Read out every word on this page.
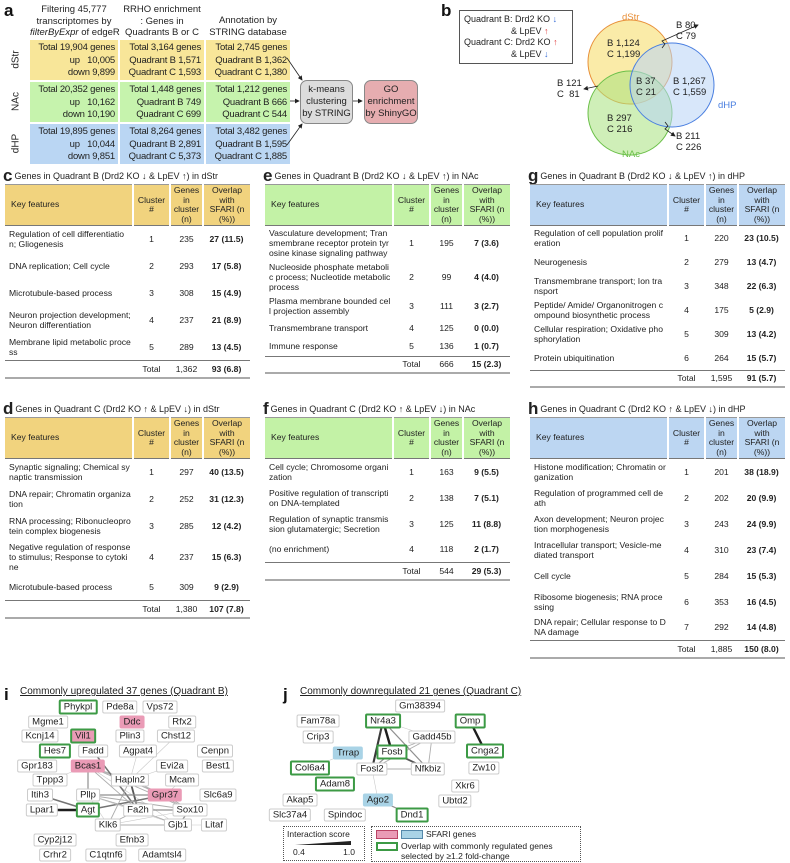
a	Filtering 45,777
transcriptomes by
filterByExpr of edgeR
RRHO enrichment
: Genes in
Quadrants B or C
Annotation by
STRING database
dStr
Total 19,904 genes
up   10,005
down 9,899
Total 3,164 genes
Quadrant B 1,571
Quadrant C 1,593
Total 2,745 genes
Quadrant B 1,362
Quadrant C 1,380
NAc
Total 20,352 genes
up   10,162
down 10,190
Total 1,448 genes
Quadrant B 749
Quadrant C 699
Total 1,212 genes
Quadrant B 666
Quadrant C 544
dHP
Total 19,895 genes
up   10,044
down 9,851
Total 8,264 genes
Quadrant B 2,891
Quadrant C 5,373
Total 3,482 genes
Quadrant B 1,595
Quadrant C 1,885
k-means
clustering
by STRING
GO
enrichment
by ShinyGO
b Quadrant B: Drd2 KO ↓
& LpEV ↑
Quadrant C: Drd2 KO ↑
& LpEV ↓
dStr
NAc
dHP
B 1,124
C 1,199
B 37
C 21
B 1,267
C 1,559
B 297
C 216
B 80
C 79
B 121
C  81
B 211
C 226
c Genes in Quadrant B (Drd2 KO ↓ & LpEV ↑) in dStr
Key features	Cluster #	Genes in cluster (n)	Overlap with SFARI (n (%))
Regulation of cell differentiation; Gliogenesis	1	235	27 (11.5)
DNA replication; Cell cycle	2	293	17 (5.8)
Microtubule-based process	3	308	15 (4.9)
Neuron projection development; Neuron differentiation	4	237	21 (8.9)
Membrane lipid metabolic process	5	289	13 (4.5)
	Total	1,362	93 (6.8)
d Genes in Quadrant C (Drd2 KO ↑ & LpEV ↓) in dStr
Key features	Cluster #	Genes in cluster (n)	Overlap with SFARI (n (%))
Synaptic signaling; Chemical synaptic transmission	1	297	40 (13.5)
DNA repair; Chromatin organization	2	252	31 (12.3)
RNA processing; Ribonucleoprotein complex biogenesis	3	285	12 (4.2)
Negative regulation of response to stimulus; Response to cytokine	4	237	15 (6.3)
Microtubule-based process	5	309	9 (2.9)
	Total	1,380	107 (7.8)
e Genes in Quadrant B (Drd2 KO ↓ & LpEV ↑) in NAc
Key features	Cluster #	Genes in cluster (n)	Overlap with SFARI (n (%))
Vasculature development; Transmembrane receptor protein tyrosine kinase signaling pathway	1	195	7 (3.6)
Nucleoside phosphate metabolic process; Nucleotide metabolic process	2	99	4 (4.0)
Plasma membrane bounded cell projection assembly	3	111	3 (2.7)
Transmembrane transport	4	125	0 (0.0)
Immune response	5	136	1 (0.7)
	Total	666	15 (2.3)
f Genes in Quadrant C (Drd2 KO ↑ & LpEV ↓) in NAc
Key features	Cluster #	Genes in cluster (n)	Overlap with SFARI (n (%))
Cell cycle; Chromosome organization	1	163	9 (5.5)
Positive regulation of transcription DNA-templated	2	138	7 (5.1)
Regulation of synaptic transmission glutamatergic; Secretion	3	125	11 (8.8)
(no enrichment)	4	118	2 (1.7)
	Total	544	29 (5.3)
g Genes in Quadrant B (Drd2 KO ↓ & LpEV ↑) in dHP
Key features	Cluster #	Genes in cluster (n)	Overlap with SFARI (n (%))
Regulation of cell population proliferation	1	220	23 (10.5)
Neurogenesis	2	279	13 (4.7)
Transmembrane transport; Ion transport	3	348	22 (6.3)
Peptide/ Amide/ Organonitrogen compound biosynthetic process	4	175	5 (2.9)
Cellular respiration; Oxidative phosphorylation	5	309	13 (4.2)
Protein ubiquitination	6	264	15 (5.7)
	Total	1,595	91 (5.7)
h Genes in Quadrant C (Drd2 KO ↑ & LpEV ↓) in dHP
Key features	Cluster #	Genes in cluster (n)	Overlap with SFARI (n (%))
Histone modification; Chromatin organization	1	201	38 (18.9)
Regulation of programmed cell death	2	202	20 (9.9)
Axon development; Neuron projection morphogenesis	3	243	24 (9.9)
Intracellular transport; Vesicle-mediated transport	4	310	23 (7.4)
Cell cycle	5	284	15 (5.3)
Ribosome biogenesis; RNA processing	6	353	16 (4.5)
DNA repair; Cellular response to DNA damage	7	292	14 (4.8)
	Total	1,885	150 (8.0)
i Commonly upregulated 37 genes (Quadrant B)	j Commonly downregulated 21 genes (Quadrant C)
Phykpl	Pde8a	Vps72
Mgme1	Ddc	Rfx2
Kcnj14	Vil1	Plin3	Chst12
Hes7	Fadd	Agpat4	Cenpn
Gpr183	Bcas1	Evi2a	Best1
Tppp3	Hapln2	Mcam
Gpr37	Slc6a9
Itih3	Pllp
Sox10
Lpar1	Agt	Fa2h
Klk6	Gjb1	Litaf
Cyp2j12	Efnb3
Crhr2	C1qtnf6	Adamtsl4
Gm38394
Fam78a	Nr4a3	Omp
Crip3	Gadd45b
Trrap	Fosb	Cnga2
Col6a4	Fosl2	Nfkbiz	Zw10
Adam8
Ago2
Xkr6
Akap5	Ubtd2
Spindoc	Dnd1
Slc37a4
Interaction score
0.4	1.0
SFARI genes
Overlap with commonly regulated genes
selected by ≥1.2 fold-change
